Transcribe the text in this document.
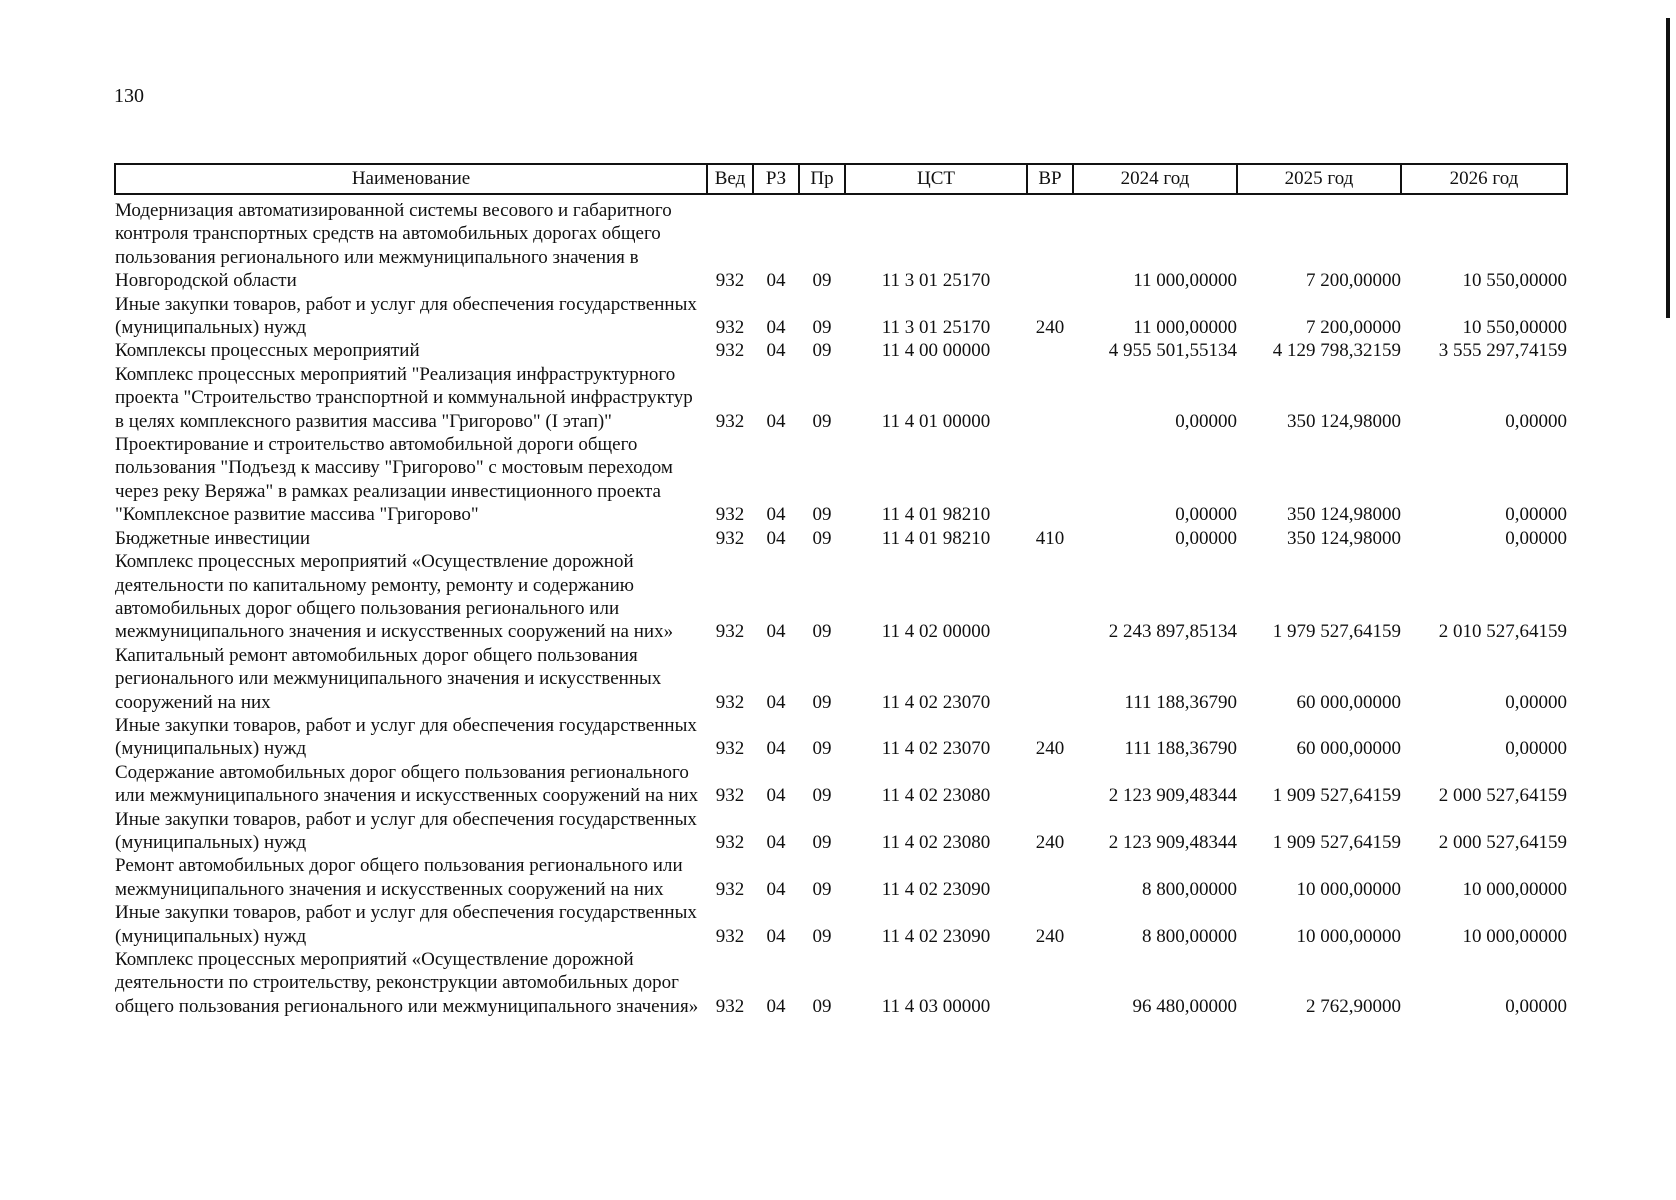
130
Наименование	Вед	РЗ	Пр	ЦСТ	ВР	2024 год	2025 год	2026 год
Модернизация автоматизированной системы весового и габаритного контроля транспортных средств на автомобильных дорогах общего пользования регионального или межмуниципального значения в Новгородской области	932	04	09	11 3 01 25170		11 000,00000	7 200,00000	10 550,00000
Иные закупки товаров, работ и услуг для обеспечения государственных (муниципальных) нужд	932	04	09	11 3 01 25170	240	11 000,00000	7 200,00000	10 550,00000
Комплексы процессных мероприятий	932	04	09	11 4 00 00000		4 955 501,55134	4 129 798,32159	3 555 297,74159
Комплекс процессных мероприятий "Реализация инфраструктурного проекта "Строительство транспортной и коммунальной инфраструктур в целях комплексного развития массива "Григорово" (I этап)"	932	04	09	11 4 01 00000		0,00000	350 124,98000	0,00000
Проектирование и строительство автомобильной дороги общего пользования "Подъезд к массиву "Григорово" с мостовым переходом через реку Веряжа" в рамках реализации инвестиционного проекта "Комплексное развитие массива "Григорово"	932	04	09	11 4 01 98210		0,00000	350 124,98000	0,00000
Бюджетные инвестиции	932	04	09	11 4 01 98210	410	0,00000	350 124,98000	0,00000
Комплекс процессных мероприятий «Осуществление дорожной деятельности по капитальному ремонту, ремонту и содержанию автомобильных дорог общего пользования регионального или межмуниципального значения и искусственных сооружений на них»	932	04	09	11 4 02 00000		2 243 897,85134	1 979 527,64159	2 010 527,64159
Капитальный ремонт автомобильных дорог общего пользования регионального или межмуниципального значения и искусственных сооружений на них	932	04	09	11 4 02 23070		111 188,36790	60 000,00000	0,00000
Иные закупки товаров, работ и услуг для обеспечения государственных (муниципальных) нужд	932	04	09	11 4 02 23070	240	111 188,36790	60 000,00000	0,00000
Содержание автомобильных дорог общего пользования регионального или межмуниципального значения и искусственных сооружений на них	932	04	09	11 4 02 23080		2 123 909,48344	1 909 527,64159	2 000 527,64159
Иные закупки товаров, работ и услуг для обеспечения государственных (муниципальных) нужд	932	04	09	11 4 02 23080	240	2 123 909,48344	1 909 527,64159	2 000 527,64159
Ремонт автомобильных дорог общего пользования регионального или межмуниципального значения и искусственных сооружений на них	932	04	09	11 4 02 23090		8 800,00000	10 000,00000	10 000,00000
Иные закупки товаров, работ и услуг для обеспечения государственных (муниципальных) нужд	932	04	09	11 4 02 23090	240	8 800,00000	10 000,00000	10 000,00000
Комплекс процессных мероприятий «Осуществление дорожной деятельности по строительству, реконструкции автомобильных дорог общего пользования регионального или межмуниципального значения»	932	04	09	11 4 03 00000		96 480,00000	2 762,90000	0,00000
